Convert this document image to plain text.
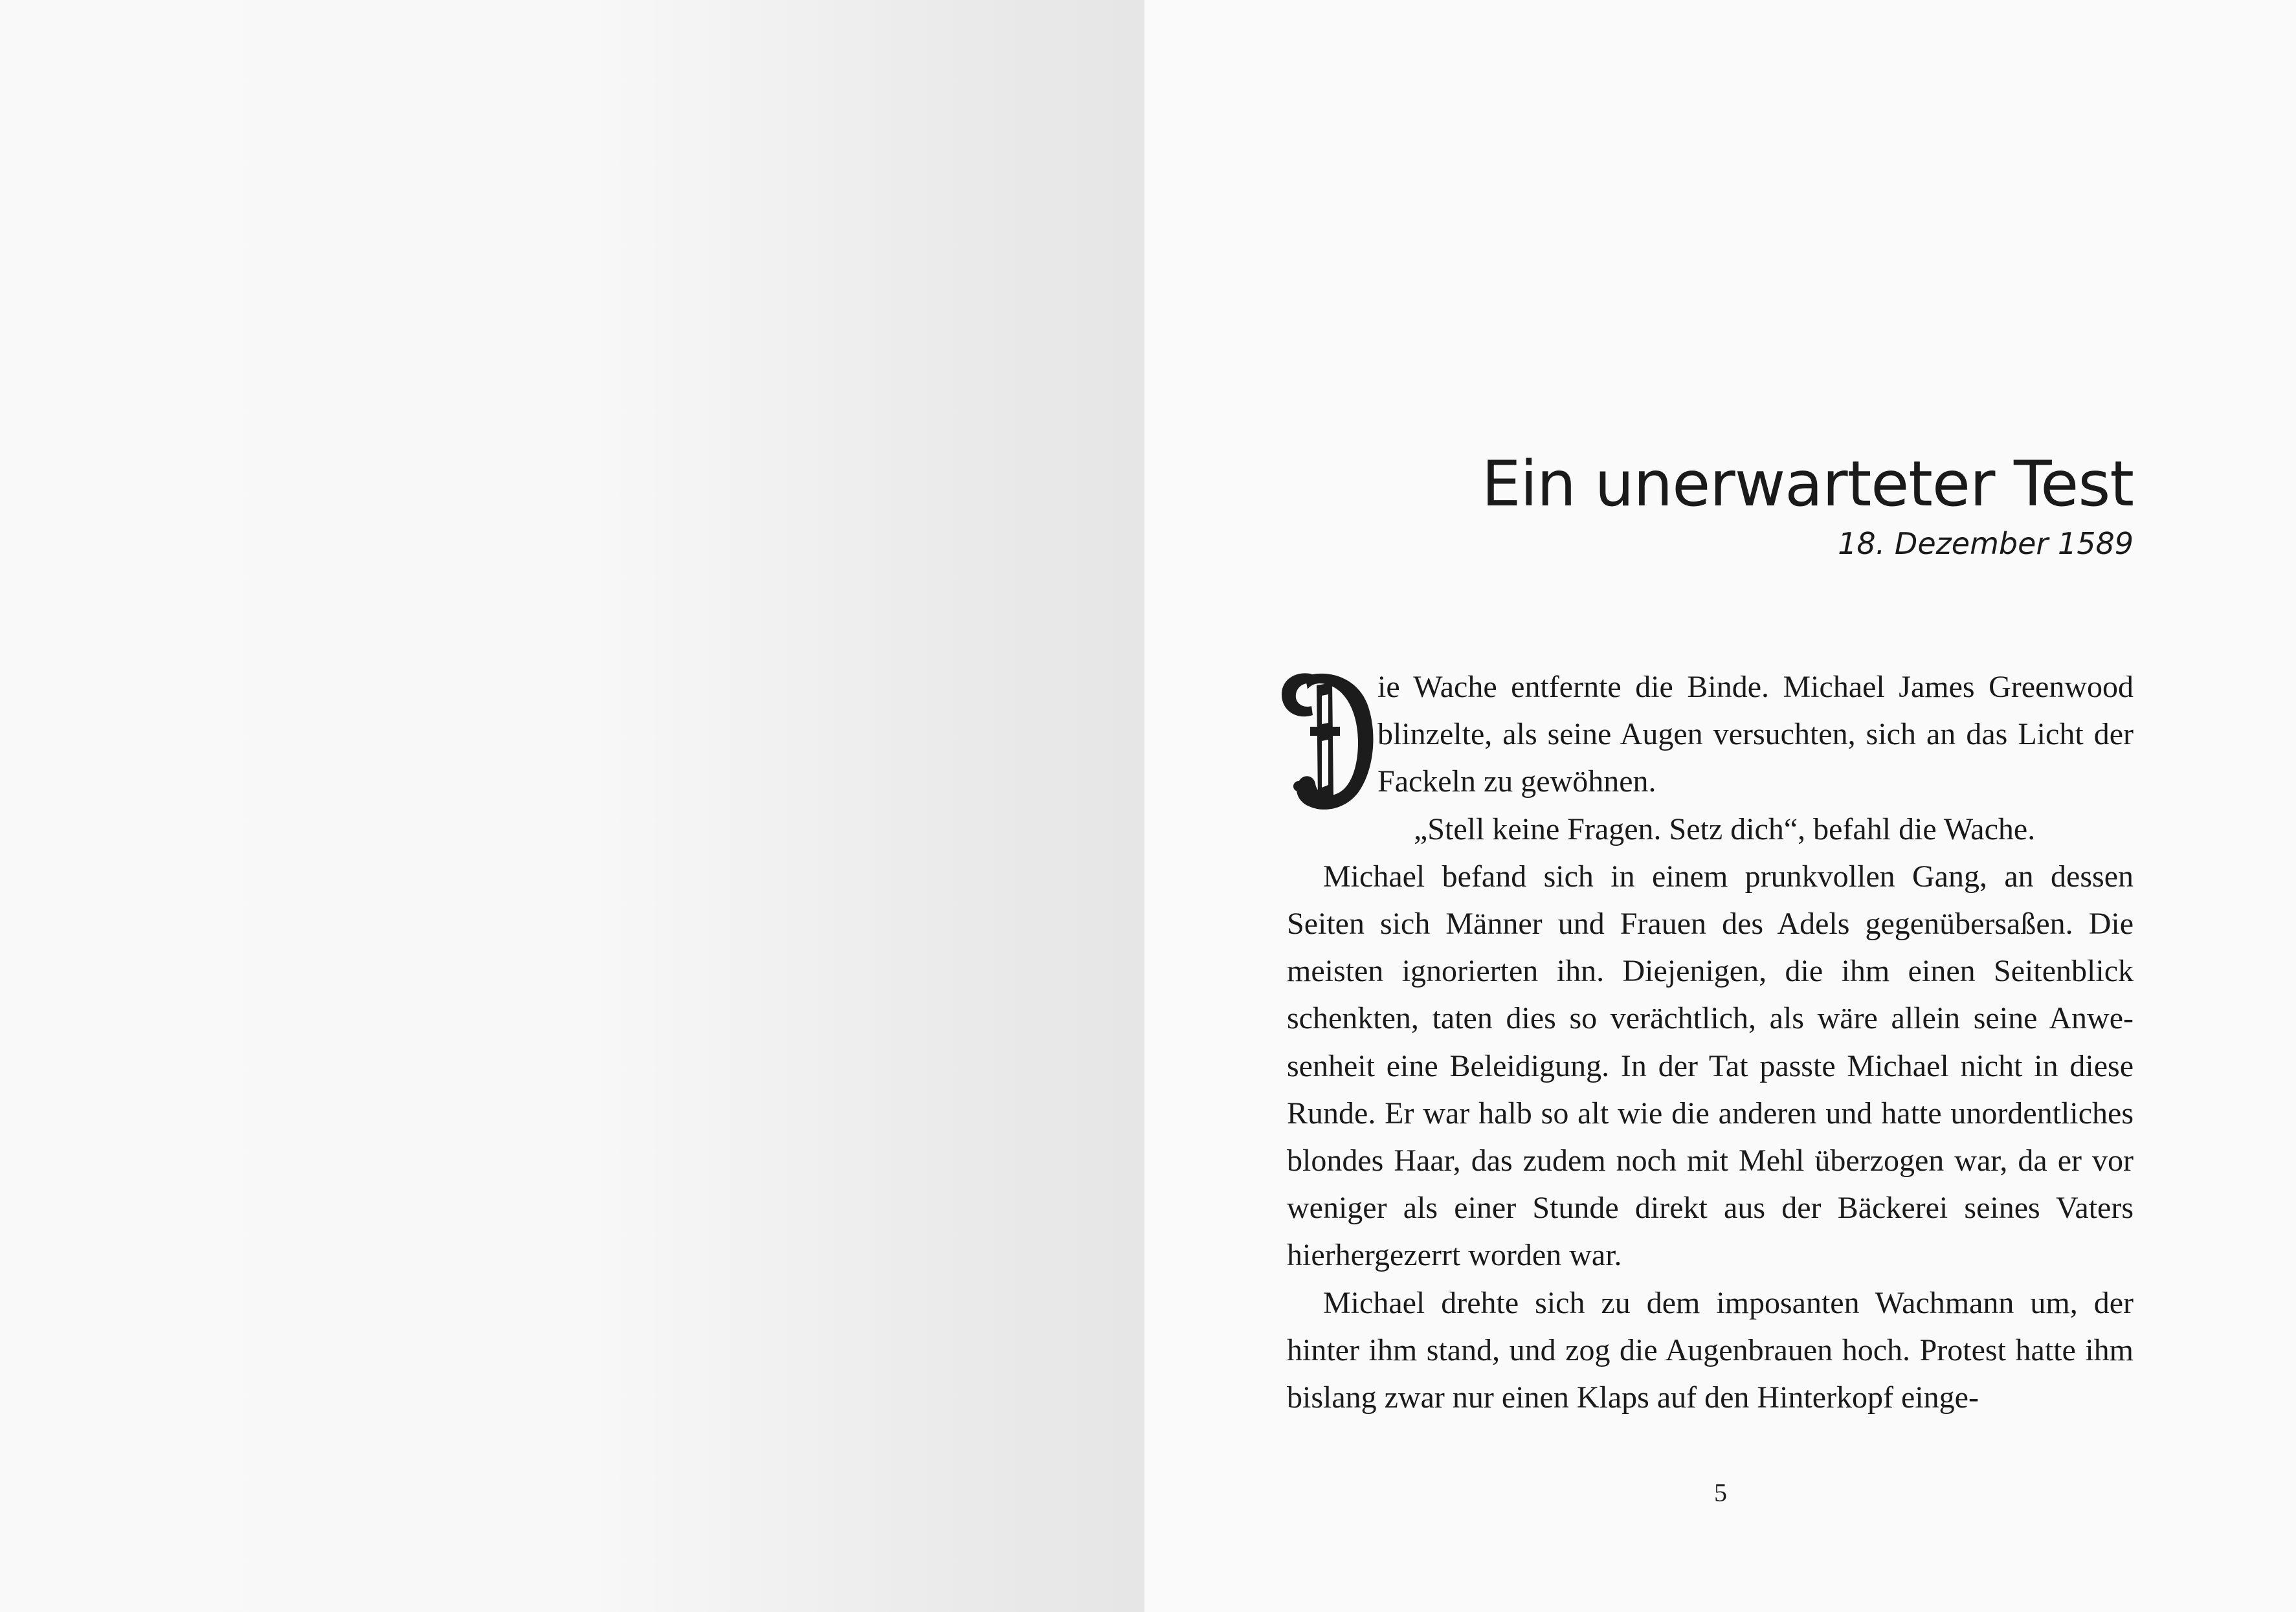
Ein unerwarteter Test

18. Dezember 1589

ie Wache entfernte die Binde. Michael James Greenwood blinzelte, als seine Augen versuchten, sich an das Licht der Fackeln zu gewöhnen.

„Stell keine Fragen. Setz dich“, befahl die Wache.

Michael befand sich in einem prunkvollen Gang, an dessen Seiten sich Männer und Frauen des Adels gegenübersaßen. Die meisten ignorierten ihn. Diejenigen, die ihm einen Seitenblick schenkten, taten dies so verächtlich, als wäre allein seine Anwesenheit eine Beleidigung. In der Tat passte Michael nicht in diese Runde. Er war halb so alt wie die anderen und hatte unordentliches blondes Haar, das zudem noch mit Mehl überzogen war, da er vor weniger als einer Stunde direkt aus der Bäckerei seines Vaters hierhergezerrt worden war.

Michael drehte sich zu dem imposanten Wachmann um, der hinter ihm stand, und zog die Augenbrauen hoch. Protest hatte ihm bislang zwar nur einen Klaps auf den Hinterkopf einge-

5
